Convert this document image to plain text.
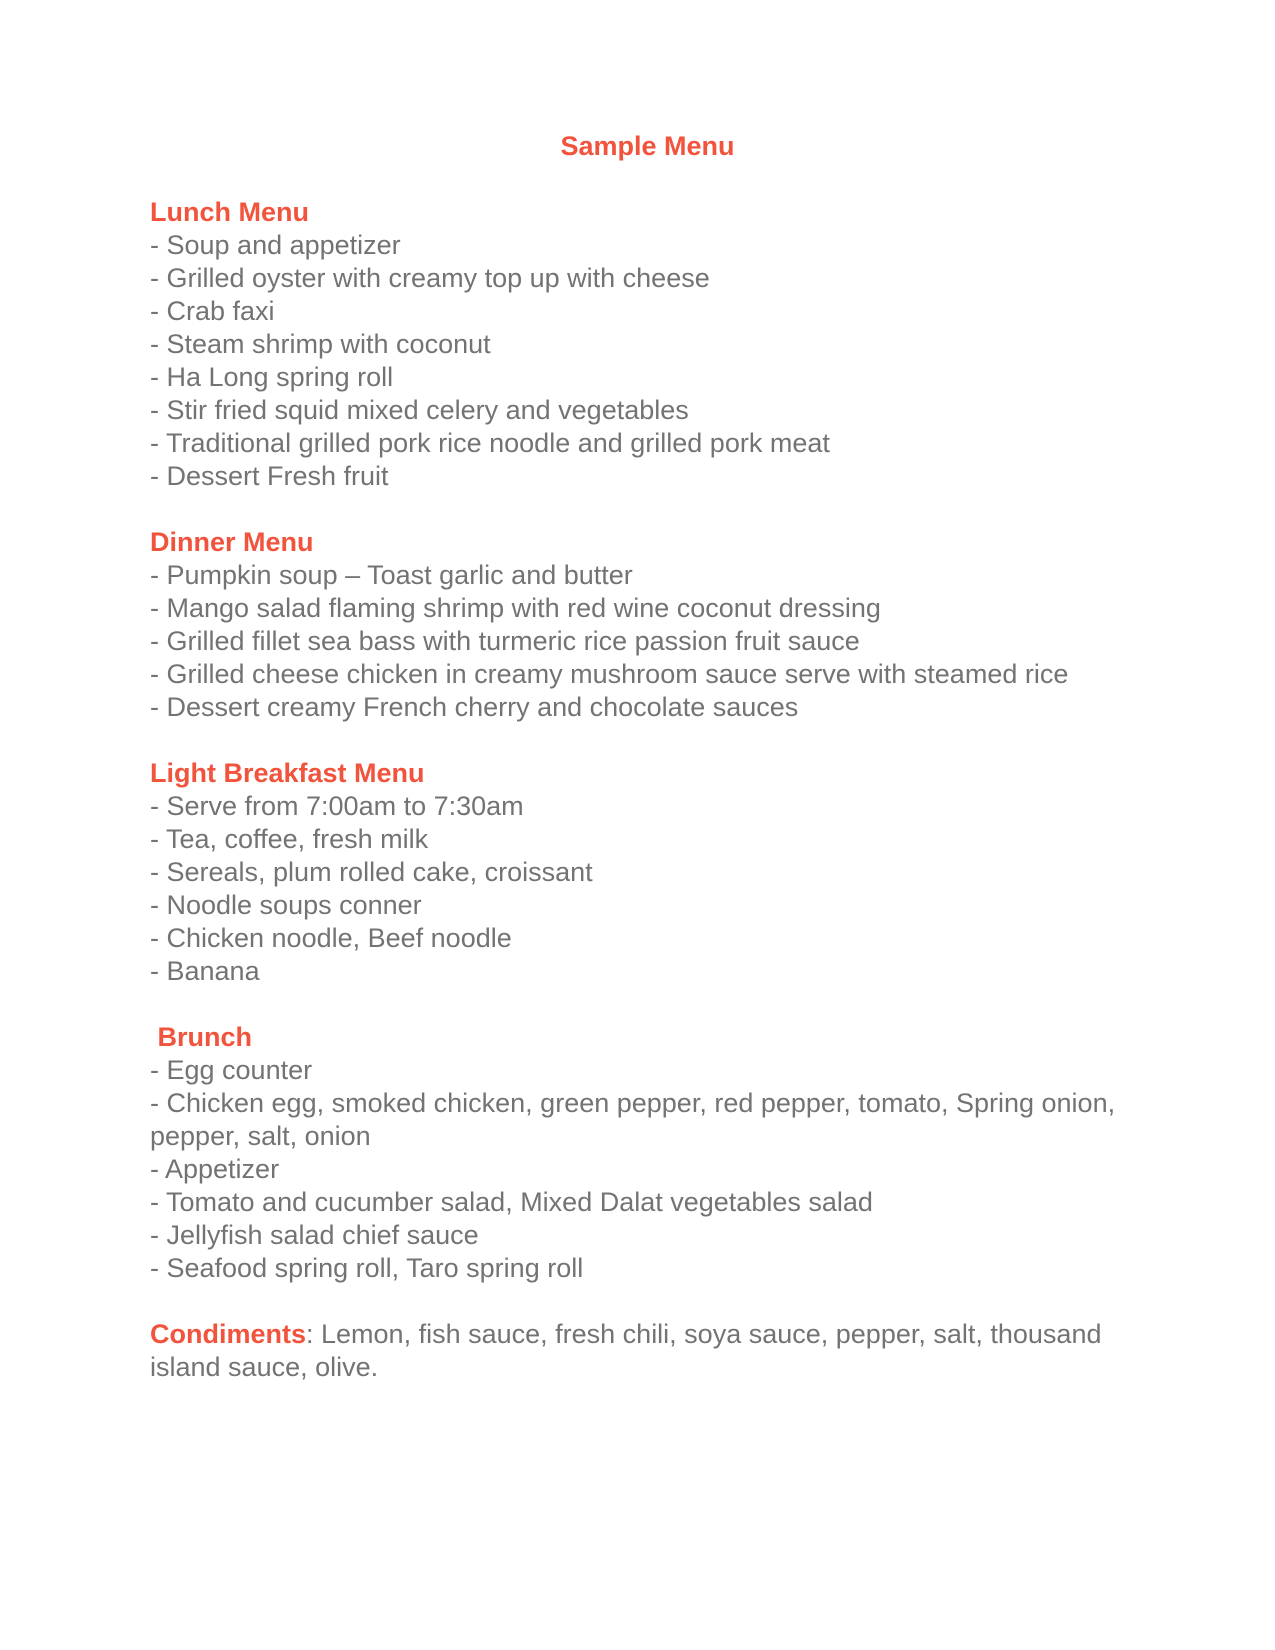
Sample Menu
Lunch Menu

- Soup and appetizer

- Grilled oyster with creamy top up with cheese

- Crab faxi

- Steam shrimp with coconut

- Ha Long spring roll

- Stir fried squid mixed celery and vegetables

- Traditional grilled pork rice noodle and grilled pork meat

- Dessert Fresh fruit

Dinner Menu

- Pumpkin soup – Toast garlic and butter

- Mango salad flaming shrimp with red wine coconut dressing

- Grilled fillet sea bass with turmeric rice passion fruit sauce

- Grilled cheese chicken in creamy mushroom sauce serve with steamed rice

- Dessert creamy French cherry and chocolate sauces

Light Breakfast Menu

- Serve from 7:00am to 7:30am

- Tea, coffee, fresh milk

- Sereals, plum rolled cake, croissant

- Noodle soups conner

- Chicken noodle, Beef noodle

- Banana

Brunch

- Egg counter

- Chicken egg, smoked chicken, green pepper, red pepper, tomato, Spring onion, pepper, salt, onion

- Appetizer

- Tomato and cucumber salad, Mixed Dalat vegetables salad

- Jellyfish salad chief sauce

- Seafood spring roll, Taro spring roll

Condiments: Lemon, fish sauce, fresh chili, soya sauce, pepper, salt, thousand island sauce, olive.
